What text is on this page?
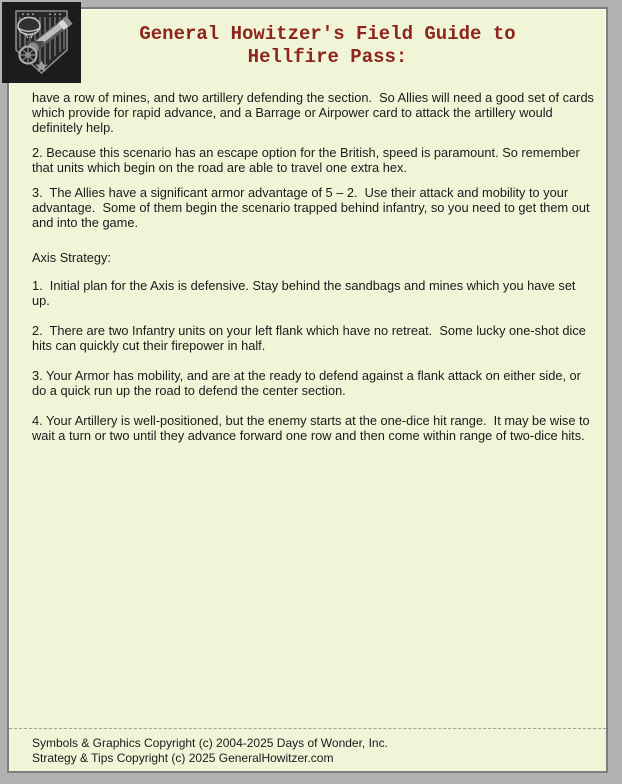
General Howitzer's Field Guide to
Hellfire Pass:

have a row of mines, and two artillery defending the section.  So Allies will need a good set of cards which provide for rapid advance, and a Barrage or Airpower card to attack the artillery would definitely help.

2. Because this scenario has an escape option for the British, speed is paramount. So remember that units which begin on the road are able to travel one extra hex.

3.  The Allies have a significant armor advantage of 5 – 2.  Use their attack and mobility to your advantage.  Some of them begin the scenario trapped behind infantry, so you need to get them out and into the game.

Axis Strategy:

1.  Initial plan for the Axis is defensive. Stay behind the sandbags and mines which you have set up.

2.  There are two Infantry units on your left flank which have no retreat.  Some lucky one-shot dice hits can quickly cut their firepower in half.

3. Your Armor has mobility, and are at the ready to defend against a flank attack on either side, or do a quick run up the road to defend the center section.

4. Your Artillery is well-positioned, but the enemy starts at the one-dice hit range.  It may be wise to wait a turn or two until they advance forward one row and then come within range of two-dice hits.

Symbols & Graphics Copyright (c) 2004-2025 Days of Wonder, Inc.
Strategy & Tips Copyright (c) 2025 GeneralHowitzer.com
